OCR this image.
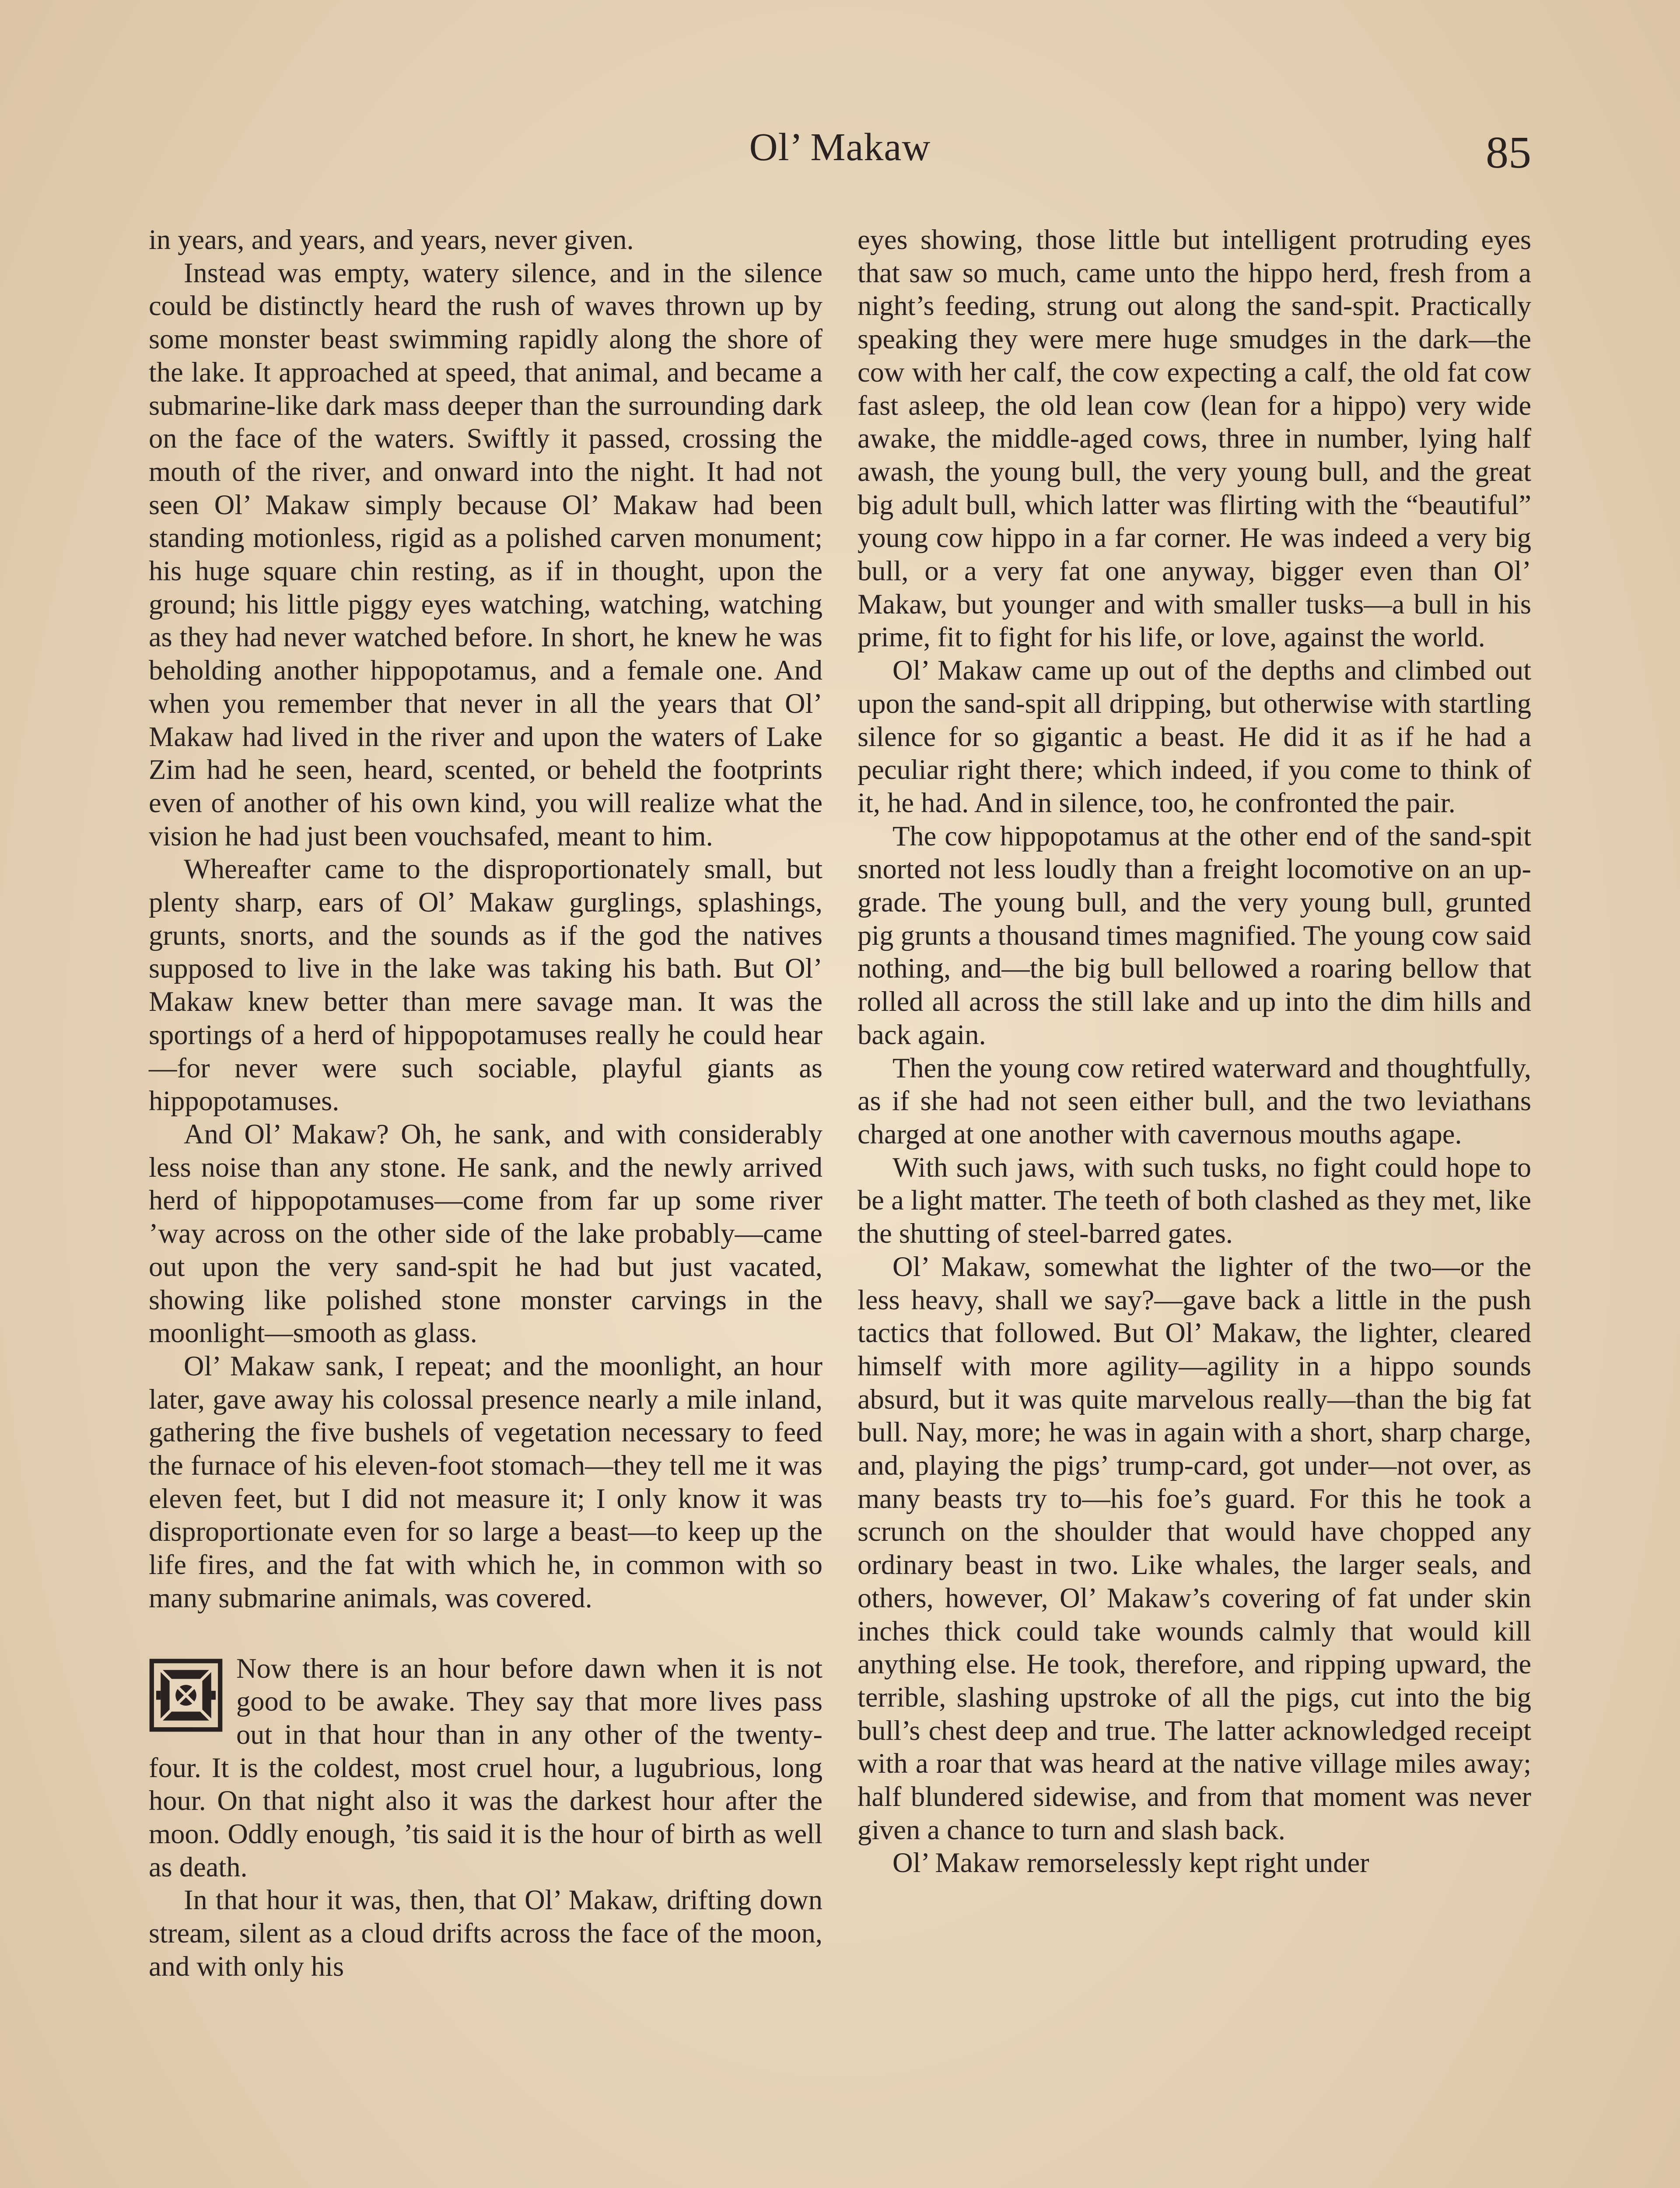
Ol’ Makaw	85

in years, and years, and years, never given.

Instead was empty, watery silence, and in the silence could be distinctly heard the rush of waves thrown up by some monster beast swimming rapidly along the shore of the lake. It approached at speed, that animal, and became a submarine-like dark mass deeper than the surrounding dark on the face of the waters. Swiftly it passed, crossing the mouth of the river, and onward into the night. It had not seen Ol’ Makaw simply because Ol’ Makaw had been standing motionless, rigid as a polished carven monument; his huge square chin resting, as if in thought, upon the ground; his little piggy eyes watching, watching, watching as they had never watched before. In short, he knew he was beholding another hippopotamus, and a female one. And when you remember that never in all the years that Ol’ Makaw had lived in the river and upon the waters of Lake Zim had he seen, heard, scented, or beheld the footprints even of another of his own kind, you will realize what the vision he had just been vouchsafed, meant to him.

Whereafter came to the disproportionately small, but plenty sharp, ears of Ol’ Makaw gurglings, splashings, grunts, snorts, and the sounds as if the god the natives supposed to live in the lake was taking his bath. But Ol’ Makaw knew better than mere savage man. It was the sportings of a herd of hippopotamuses really he could hear—for never were such sociable, playful giants as hippopotamuses.

And Ol’ Makaw? Oh, he sank, and with considerably less noise than any stone. He sank, and the newly arrived herd of hippopotamuses—come from far up some river ’way across on the other side of the lake probably—came out upon the very sand-spit he had but just vacated, showing like polished stone monster carvings in the moonlight—smooth as glass.

Ol’ Makaw sank, I repeat; and the moonlight, an hour later, gave away his colossal presence nearly a mile inland, gathering the five bushels of vegetation necessary to feed the furnace of his eleven-foot stomach—they tell me it was eleven feet, but I did not measure it; I only know it was disproportionate even for so large a beast—to keep up the life fires, and the fat with which he, in common with so many submarine animals, was covered.

Now there is an hour before dawn when it is not good to be awake. They say that more lives pass out in that hour than in any other of the twenty-four. It is the coldest, most cruel hour, a lugubrious, long hour. On that night also it was the darkest hour after the moon. Oddly enough, ’tis said it is the hour of birth as well as death.

In that hour it was, then, that Ol’ Makaw, drifting down stream, silent as a cloud drifts across the face of the moon, and with only his

eyes showing, those little but intelligent protruding eyes that saw so much, came unto the hippo herd, fresh from a night’s feeding, strung out along the sand-spit. Practically speaking they were mere huge smudges in the dark—the cow with her calf, the cow expecting a calf, the old fat cow fast asleep, the old lean cow (lean for a hippo) very wide awake, the middle-aged cows, three in number, lying half awash, the young bull, the very young bull, and the great big adult bull, which latter was flirting with the “beautiful” young cow hippo in a far corner. He was indeed a very big bull, or a very fat one anyway, bigger even than Ol’ Makaw, but younger and with smaller tusks—a bull in his prime, fit to fight for his life, or love, against the world.

Ol’ Makaw came up out of the depths and climbed out upon the sand-spit all dripping, but otherwise with startling silence for so gigantic a beast. He did it as if he had a peculiar right there; which indeed, if you come to think of it, he had. And in silence, too, he confronted the pair.

The cow hippopotamus at the other end of the sand-spit snorted not less loudly than a freight locomotive on an up-grade. The young bull, and the very young bull, grunted pig grunts a thousand times magnified. The young cow said nothing, and—the big bull bellowed a roaring bellow that rolled all across the still lake and up into the dim hills and back again.

Then the young cow retired waterward and thoughtfully, as if she had not seen either bull, and the two leviathans charged at one another with cavernous mouths agape.

With such jaws, with such tusks, no fight could hope to be a light matter. The teeth of both clashed as they met, like the shutting of steel-barred gates.

Ol’ Makaw, somewhat the lighter of the two—or the less heavy, shall we say?—gave back a little in the push tactics that followed. But Ol’ Makaw, the lighter, cleared himself with more agility—agility in a hippo sounds absurd, but it was quite marvelous really—than the big fat bull. Nay, more; he was in again with a short, sharp charge, and, playing the pigs’ trump-card, got under—not over, as many beasts try to—his foe’s guard. For this he took a scrunch on the shoulder that would have chopped any ordinary beast in two. Like whales, the larger seals, and others, however, Ol’ Makaw’s covering of fat under skin inches thick could take wounds calmly that would kill anything else. He took, therefore, and ripping upward, the terrible, slashing upstroke of all the pigs, cut into the big bull’s chest deep and true. The latter acknowledged receipt with a roar that was heard at the native village miles away; half blundered sidewise, and from that moment was never given a chance to turn and slash back.

Ol’ Makaw remorselessly kept right under
